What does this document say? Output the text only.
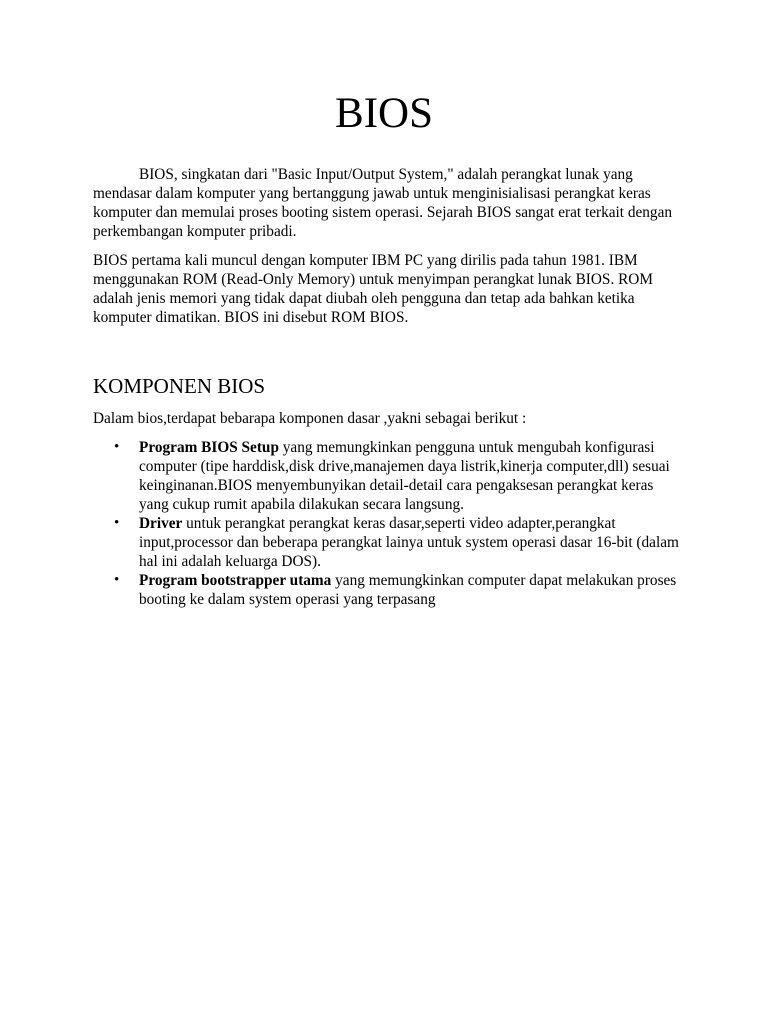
BIOS

BIOS, singkatan dari "Basic Input/Output System," adalah perangkat lunak yang mendasar dalam komputer yang bertanggung jawab untuk menginisialisasi perangkat keras komputer dan memulai proses booting sistem operasi. Sejarah BIOS sangat erat terkait dengan perkembangan komputer pribadi.

BIOS pertama kali muncul dengan komputer IBM PC yang dirilis pada tahun 1981. IBM menggunakan ROM (Read-Only Memory) untuk menyimpan perangkat lunak BIOS. ROM adalah jenis memori yang tidak dapat diubah oleh pengguna dan tetap ada bahkan ketika komputer dimatikan. BIOS ini disebut ROM BIOS.

KOMPONEN BIOS

Dalam bios,terdapat bebarapa komponen dasar ,yakni sebagai berikut :

• Program BIOS Setup yang memungkinkan pengguna untuk mengubah konfigurasi computer (tipe harddisk,disk drive,manajemen daya listrik,kinerja computer,dll) sesuai keinginanan.BIOS menyembunyikan detail-detail cara pengaksesan perangkat keras yang cukup rumit apabila dilakukan secara langsung.
• Driver untuk perangkat perangkat keras dasar,seperti video adapter,perangkat input,processor dan beberapa perangkat lainya untuk system operasi dasar 16-bit (dalam hal ini adalah keluarga DOS).
• Program bootstrapper utama yang memungkinkan computer dapat melakukan proses booting ke dalam system operasi yang terpasang
